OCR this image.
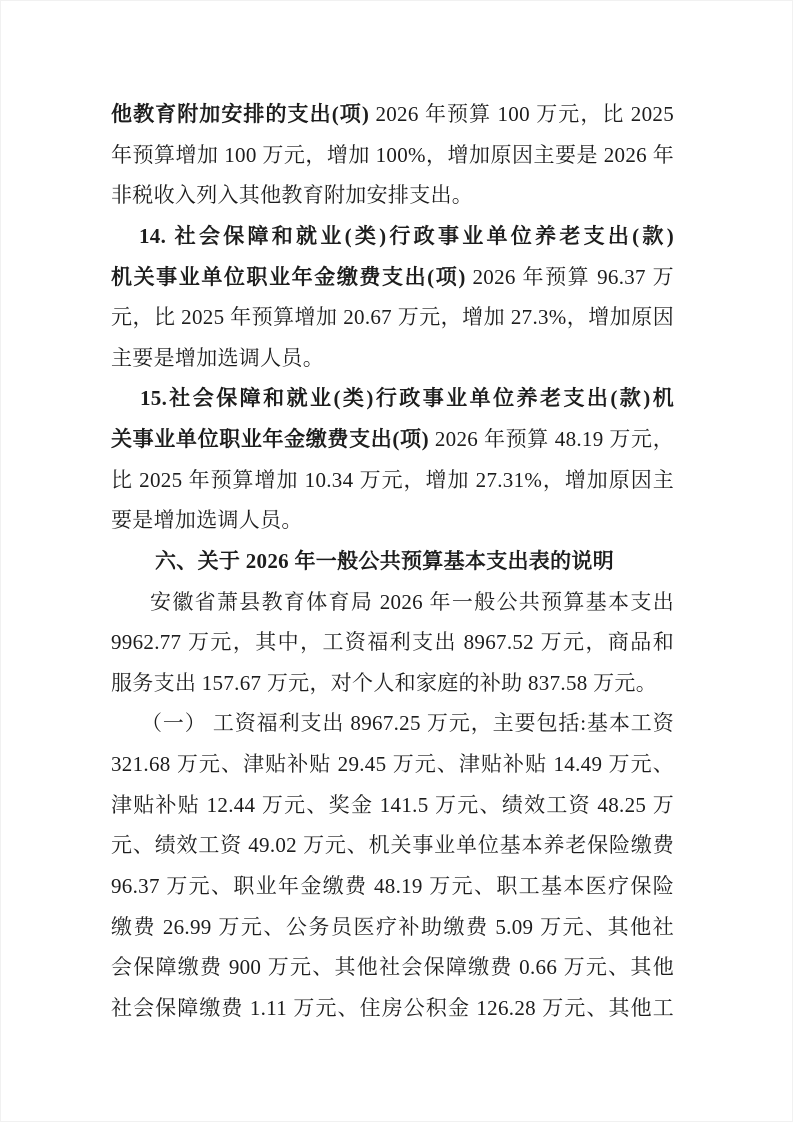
他教育附加安排的支出(项) 2026 年预算 100 万元，比 2025
年预算增加 100 万元，增加 100%，增加原因主要是 2026 年
非税收入列入其他教育附加安排支出。
14. 社会保障和就业(类)行政事业单位养老支出(款)
机关事业单位职业年金缴费支出(项) 2026 年预算 96.37 万
元，比 2025 年预算增加 20.67 万元，增加 27.3%，增加原因
主要是增加选调人员。
15.社会保障和就业(类)行政事业单位养老支出(款)机
关事业单位职业年金缴费支出(项) 2026 年预算 48.19 万元，
比 2025 年预算增加 10.34 万元，增加 27.31%，增加原因主
要是增加选调人员。
六、关于 2026 年一般公共预算基本支出表的说明
安徽省萧县教育体育局 2026 年一般公共预算基本支出
9962.77 万元，其中，工资福利支出 8967.52 万元，商品和
服务支出 157.67 万元，对个人和家庭的补助 837.58 万元。
（一） 工资福利支出 8967.25 万元，主要包括:基本工资
321.68 万元、津贴补贴 29.45 万元、津贴补贴 14.49 万元、
津贴补贴 12.44 万元、奖金 141.5 万元、绩效工资 48.25 万
元、绩效工资 49.02 万元、机关事业单位基本养老保险缴费
96.37 万元、职业年金缴费 48.19 万元、职工基本医疗保险
缴费 26.99 万元、公务员医疗补助缴费 5.09 万元、其他社
会保障缴费 900 万元、其他社会保障缴费 0.66 万元、其他
社会保障缴费 1.11 万元、住房公积金 126.28 万元、其他工
